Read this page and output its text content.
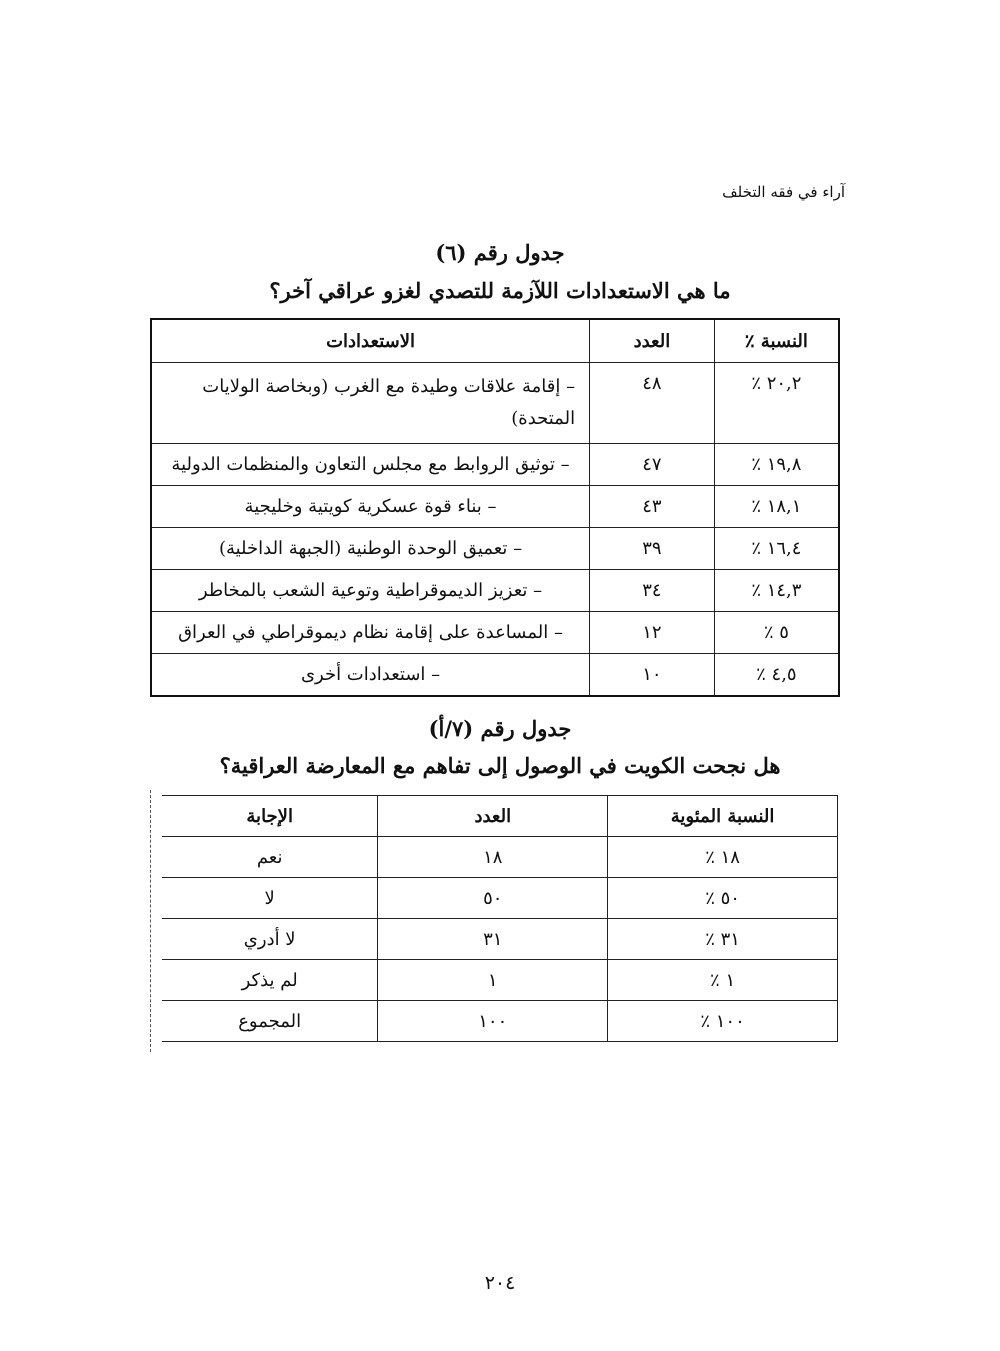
آراء في فقه التخلف
جدول رقم (٦)
ما هي الاستعدادات اللآزمة للتصدي لغزو عراقي آخر؟
النسبة ٪	العدد	الاستعدادات
٢٠,٢ ٪	٤٨	– إقامة علاقات وطيدة مع الغرب (وبخاصة الولايات المتحدة)
١٩,٨ ٪	٤٧	– توثيق الروابط مع مجلس التعاون والمنظمات الدولية
١٨,١ ٪	٤٣	– بناء قوة عسكرية كويتية وخليجية
١٦,٤ ٪	٣٩	– تعميق الوحدة الوطنية (الجبهة الداخلية)
١٤,٣ ٪	٣٤	– تعزيز الديموقراطية وتوعية الشعب بالمخاطر
٥ ٪	١٢	– المساعدة على إقامة نظام ديموقراطي في العراق
٤,٥ ٪	١٠	– استعدادات أخرى
جدول رقم (٧/أ)
هل نجحت الكويت في الوصول إلى تفاهم مع المعارضة العراقية؟
النسبة المئوية	العدد	الإجابة
١٨ ٪	١٨	نعم
٥٠ ٪	٥٠	لا
٣١ ٪	٣١	لا أدري
١ ٪	١	لم يذكر
١٠٠ ٪	١٠٠	المجموع
٢٠٤
